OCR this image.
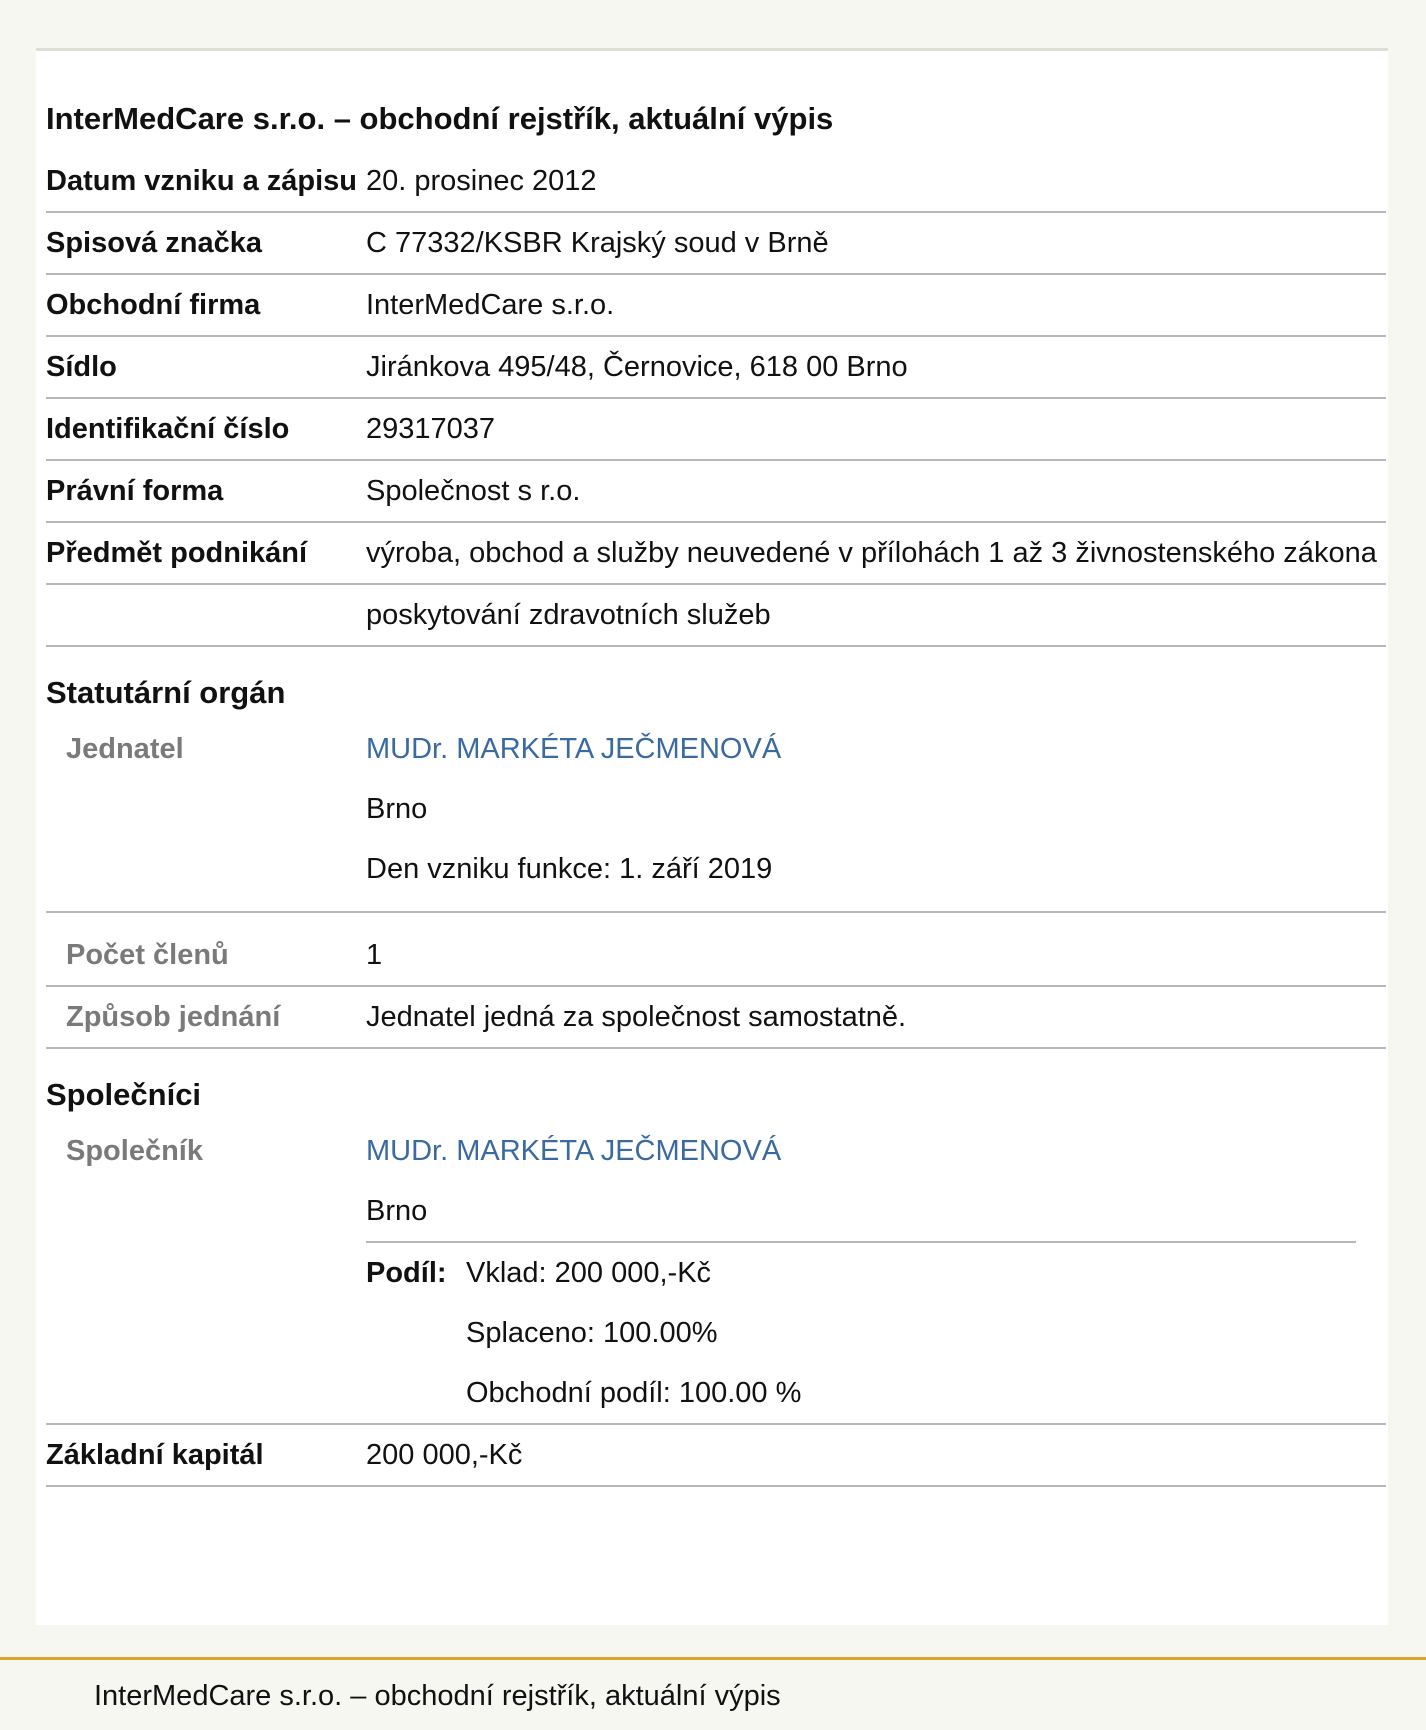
InterMedCare s.r.o. – obchodní rejstřík, aktuální výpis
Datum vzniku a zápisu 20. prosinec 2012
Spisová značka	C 77332/KSBR Krajský soud v Brně
Obchodní firma	InterMedCare s.r.o.
Sídlo	Jiránkova 495/48, Černovice, 618 00 Brno
Identifikační číslo	29317037
Právní forma	Společnost s r.o.
Předmět podnikání	výroba, obchod a služby neuvedené v přílohách 1 až 3 živnostenského zákona
poskytování zdravotních služeb
Statutární orgán
Jednatel	MUDr. MARKÉTA JEČMENOVÁ
Brno
Den vzniku funkce: 1. září 2019
Počet členů	1
Způsob jednání	Jednatel jedná za společnost samostatně.
Společníci
Společník	MUDr. MARKÉTA JEČMENOVÁ
Brno
Podíl: Vklad: 200 000,-Kč
Splaceno: 100.00%
Obchodní podíl: 100.00 %
Základní kapitál	200 000,-Kč
InterMedCare s.r.o. – obchodní rejstřík, aktuální výpis
